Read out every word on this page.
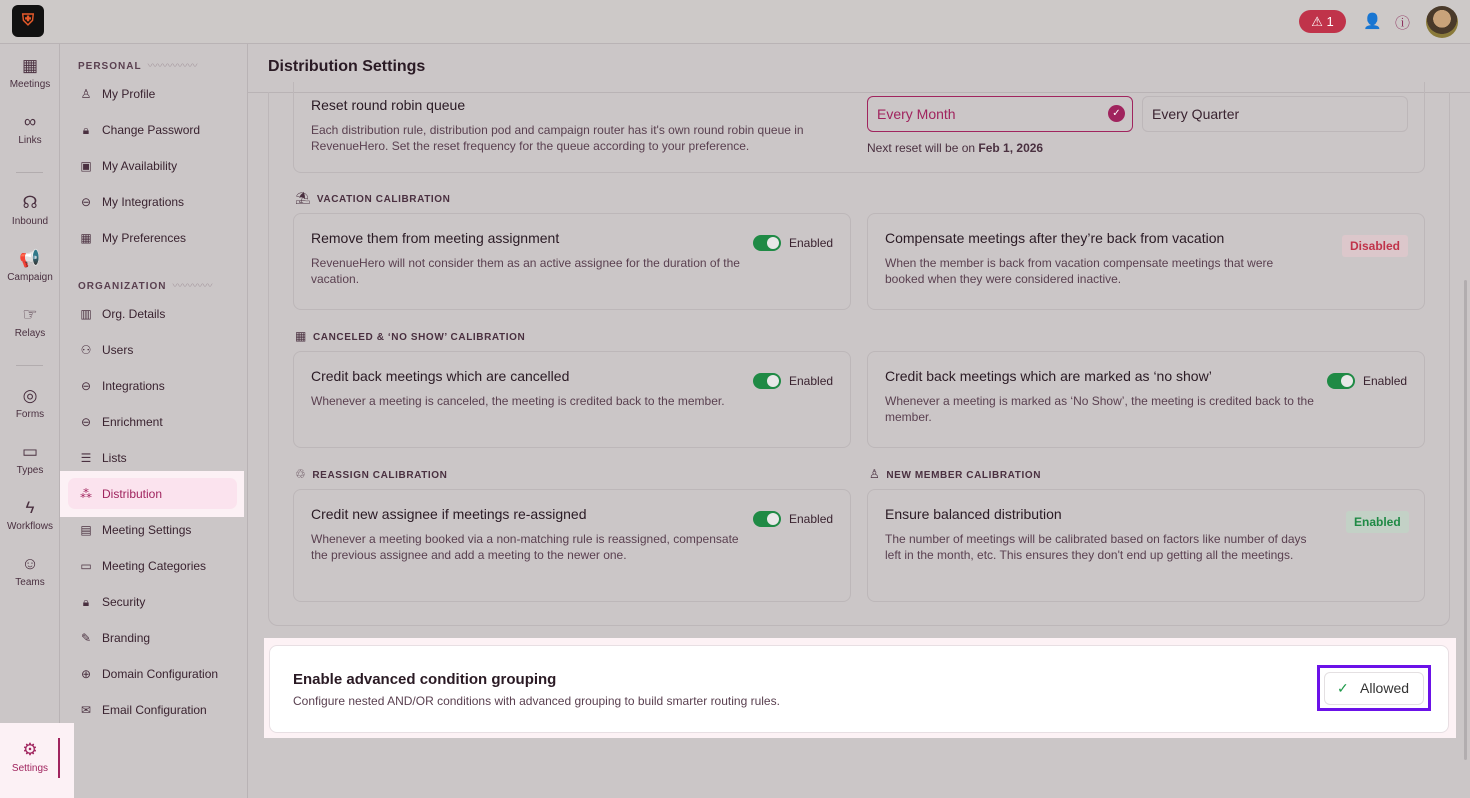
⛨	⚠ 1	👤 ⓘ
▦
Meetings
∞
Links
☊
Inbound
📢
Campaign
☞
Relays
◎
Forms
▭
Types
ϟ
Workflows
☺
Teams
⚙
Settings
PERSONAL 〰〰〰〰〰
♙ My Profile
🔒︎ Change Password
▣ My Availability
⊖ My Integrations
▦ My Preferences
ORGANIZATION 〰〰〰〰
▥ Org. Details
⚇ Users
⊖ Integrations
⊖ Enrichment
☰ Lists
⁂ Distribution
▤ Meeting Settings
▭ Meeting Categories
🔒︎ Security
✎ Branding
⊕ Domain Configuration
✉ Email Configuration
Distribution Settings
Reset round robin queue

Each distribution rule, distribution pod and campaign router has it's own round robin queue in RevenueHero. Set the reset frequency for the queue according to your preference.

Every Month	✓	Every Quarter
Next reset will be on Feb 1, 2026
⛱ VACATION CALIBRATION
Remove them from meeting assignment

RevenueHero will not consider them as an active assignee for the duration of the vacation.

Enabled	Compensate meetings after they’re back from vacation

When the member is back from vacation compensate meetings that were booked when they were considered inactive.

Disabled
▦ CANCELED & ‘NO SHOW’ CALIBRATION
Credit back meetings which are cancelled

Whenever a meeting is canceled, the meeting is credited back to the member.

Enabled	Credit back meetings which are marked as ‘no show’

Whenever a meeting is marked as ‘No Show’, the meeting is credited back to the member.

Enabled
♲ REASSIGN CALIBRATION	♙ NEW MEMBER CALIBRATION
Credit new assignee if meetings re-assigned

Whenever a meeting booked via a non-matching rule is reassigned, compensate the previous assignee and add a meeting to the newer one.

Enabled	Ensure balanced distribution

The number of meetings will be calibrated based on factors like number of days left in the month, etc. This ensures they don't end up getting all the meetings.

Enabled
Enable advanced condition grouping
Configure nested AND/OR conditions with advanced grouping to build smarter routing rules.
✓ Allowed
